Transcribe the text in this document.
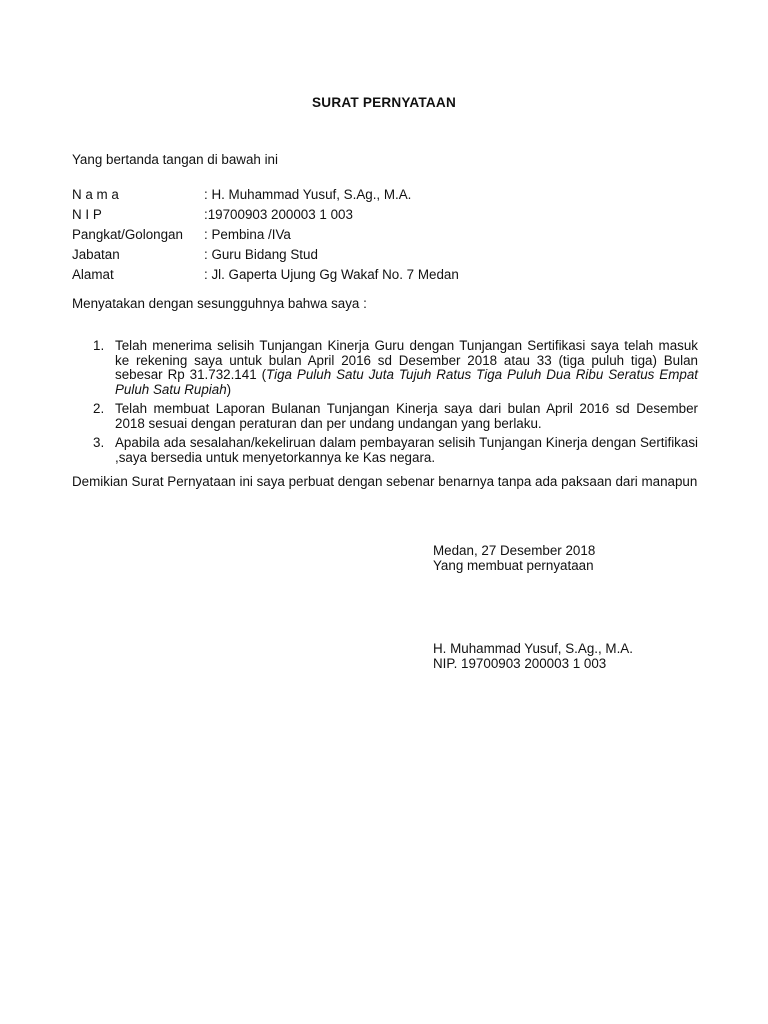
SURAT PERNYATAAN
Yang bertanda tangan di bawah ini
N a m a	: H. Muhammad Yusuf, S.Ag., M.A.
N I P	:19700903 200003 1 003
Pangkat/Golongan	: Pembina /IVa
Jabatan	: Guru Bidang Stud
Alamat	: Jl. Gaperta Ujung Gg Wakaf No. 7 Medan
Menyatakan dengan sesungguhnya bahwa saya :
1. Telah menerima selisih Tunjangan Kinerja Guru dengan Tunjangan Sertifikasi saya telah masuk ke rekening saya untuk bulan April 2016 sd Desember 2018 atau 33 (tiga puluh tiga) Bulan sebesar Rp 31.732.141 (Tiga Puluh Satu Juta Tujuh Ratus Tiga Puluh Dua Ribu Seratus Empat Puluh Satu Rupiah)
2. Telah membuat Laporan Bulanan Tunjangan Kinerja saya dari bulan April 2016 sd Desember 2018 sesuai dengan peraturan dan per undang undangan yang berlaku.
3. Apabila ada sesalahan/kekeliruan dalam pembayaran selisih Tunjangan Kinerja dengan Sertifikasi ,saya bersedia untuk menyetorkannya ke Kas negara.
Demikian Surat Pernyataan ini saya perbuat dengan sebenar benarnya tanpa ada paksaan dari manapun
Medan, 27 Desember 2018
Yang membuat pernyataan
H. Muhammad Yusuf, S.Ag., M.A.
NIP. 19700903 200003 1 003
